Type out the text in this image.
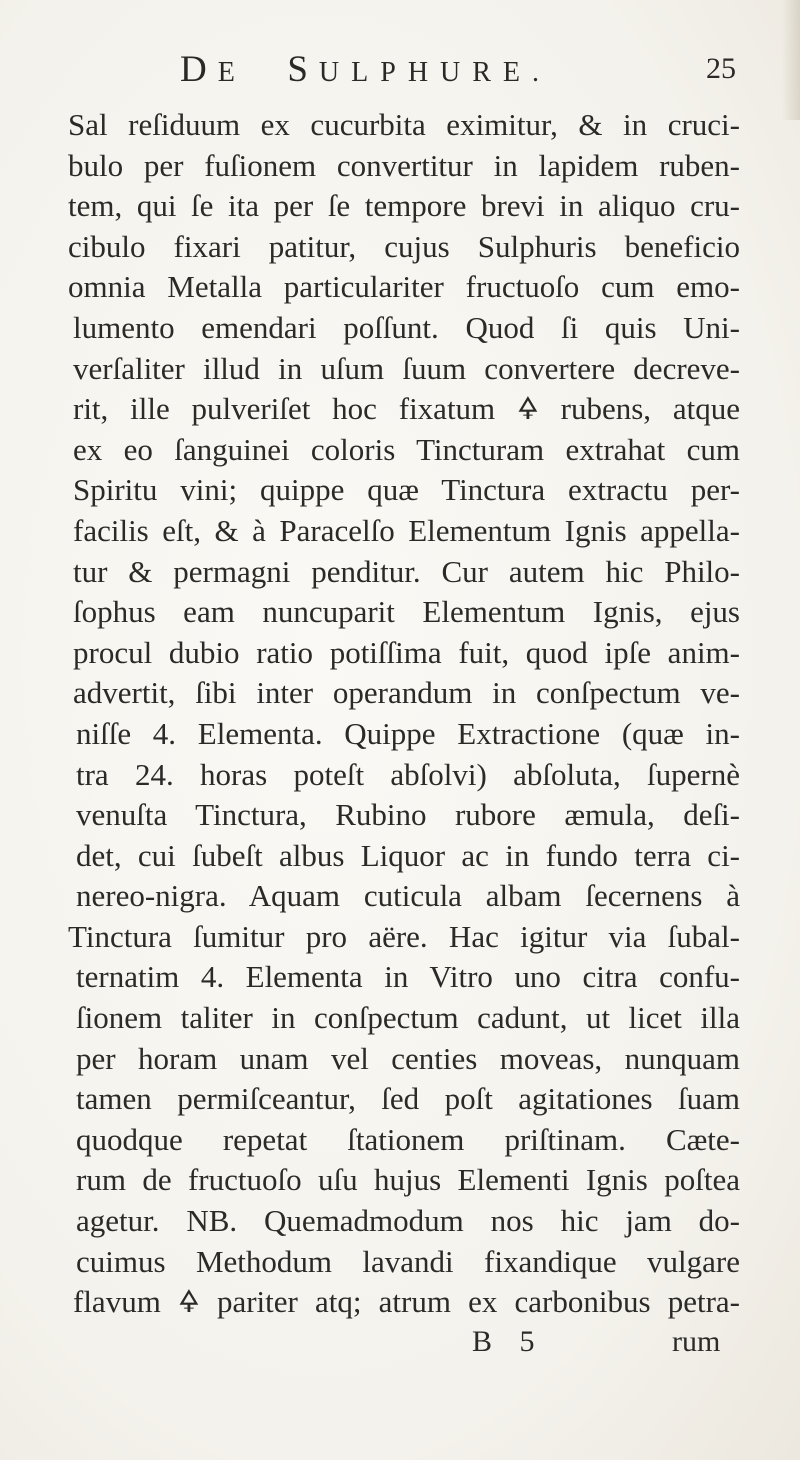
DE SULPHURE.	25
Sal reſiduum ex cucurbita eximitur, & in cruci-
bulo per fuſionem convertitur in lapidem ruben-
tem, qui ſe ita per ſe tempore brevi in aliquo cru-
cibulo fixari patitur, cujus Sulphuris beneficio
omnia Metalla particulariter fructuoſo cum emo-
lumento emendari poſſunt. Quod ſi quis Uni-
verſaliter illud in uſum ſuum convertere decreve-
rit, ille pulveriſet hoc fixatum 🜍 rubens, atque
ex eo ſanguinei coloris Tincturam extrahat cum
Spiritu vini; quippe quæ Tinctura extractu per-
facilis eſt, & à Paracelſo Elementum Ignis appella-
tur & permagni penditur. Cur autem hic Philo-
ſophus eam nuncuparit Elementum Ignis, ejus
procul dubio ratio potiſſima fuit, quod ipſe anim-
advertit, ſibi inter operandum in conſpectum ve-
niſſe 4. Elementa. Quippe Extractione (quæ in-
tra 24. horas poteſt abſolvi) abſoluta, ſupernè
venuſta Tinctura, Rubino rubore æmula, deſi-
det, cui ſubeſt albus Liquor ac in fundo terra ci-
nereo-nigra. Aquam cuticula albam ſecernens à
Tinctura ſumitur pro aëre. Hac igitur via ſubal-
ternatim 4. Elementa in Vitro uno citra confu-
ſionem taliter in conſpectum cadunt, ut licet illa
per horam unam vel centies moveas, nunquam
tamen permiſceantur, ſed poſt agitationes ſuam
quodque repetat ſtationem priſtinam. Cæte-
rum de fructuoſo uſu hujus Elementi Ignis poſtea
agetur. NB. Quemadmodum nos hic jam do-
cuimus Methodum lavandi fixandique vulgare
flavum 🜍 pariter atq; atrum ex carbonibus petra-
B 5	rum
